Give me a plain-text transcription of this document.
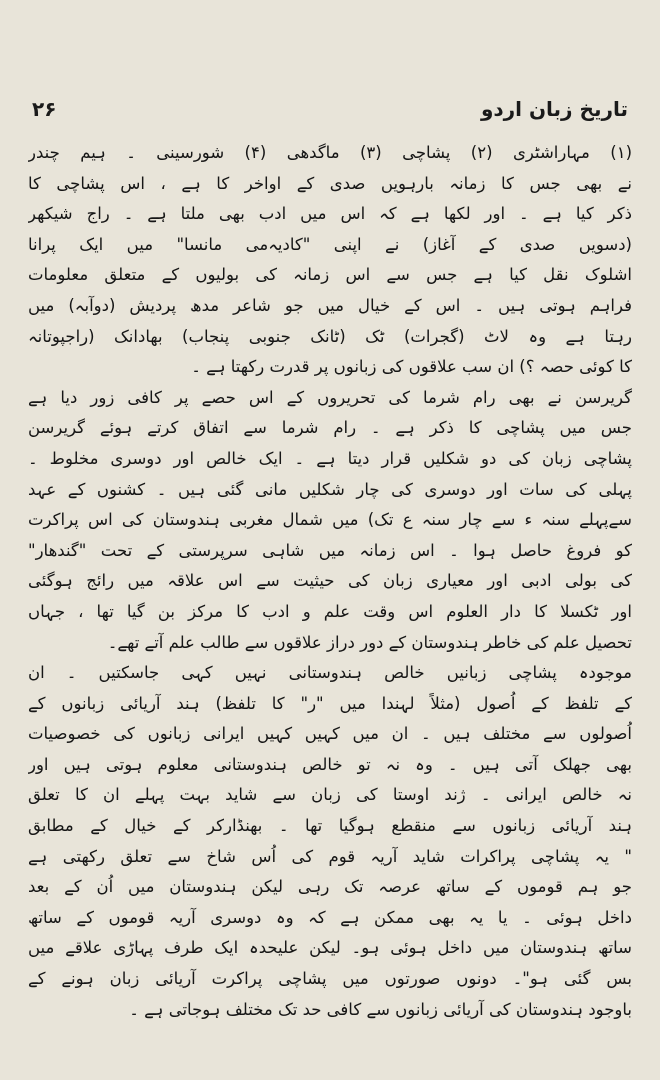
تاریخ زبان اردو
۲۶
(۱) مہاراشٹری (۲) پشاچی (۳) ماگدھی (۴) شورسینی ۔ ہیم چندر
نے بھی جس کا زمانہ بارہویں صدی کے اواخر کا ہے ، اس پشاچی کا
ذکر کیا ہے ۔ اور لکھا ہے کہ اس میں ادب بھی ملتا ہے ۔ راج شیکھر
(دسویں صدی کے آغاز) نے اپنی "کادیہ‌می مانسا" میں ایک پرانا
اشلوک نقل کیا ہے جس سے اس زمانہ کی بولیوں کے متعلق معلومات
فراہم ہوتی ہیں ۔ اس کے خیال میں جو شاعر مدھ پردیش (دوآبہ) میں
رہتا ہے وہ لاٹ (گجرات) ٹک (ٹانک جنوبی پنجاب) بھادانک (راجپوتانہ
کا کوئی حصہ ؟) ان سب علاقوں کی زبانوں پر قدرت رکھتا ہے ۔
گریرسن نے بھی رام شرما کی تحریروں کے اس حصے پر کافی زور دیا ہے
جس میں پشاچی کا ذکر ہے ۔ رام شرما سے اتفاق کرتے ہوئے گریرسن
پشاچی زبان کی دو شکلیں قرار دیتا ہے ۔ ایک خالص اور دوسری مخلوط ۔
پہلی کی سات اور دوسری کی چار شکلیں مانی گئی ہیں ۔ کشنوں کے عہد
سےپہلے سنہ ء سے چار سنہ ع تک) میں شمال مغربی ہندوستان کی اس پراکرت
کو فروغ حاصل ہوا ۔ اس زمانہ میں شاہی سرپرستی کے تحت "گندھار"
کی بولی ادبی اور معیاری زبان کی حیثیت سے اس علاقہ میں رائج ہوگئی
اور ٹکسلا کا دار العلوم اس وقت علم و ادب کا مرکز بن گیا تھا ، جہاں
تحصیل علم کی خاطر ہندوستان کے دور دراز علاقوں سے طالب علم آتے تھے۔
موجودہ پشاچی زبانیں خالص ہندوستانی نہیں کہی جاسکتیں ۔ ان
کے تلفظ کے اُصول (مثلاً لہندا میں "ر" کا تلفظ) ہند آریائی زبانوں کے
اُصولوں سے مختلف ہیں ۔ ان میں کہیں کہیں ایرانی زبانوں کی خصوصیات
بھی جھلک آتی ہیں ۔ وہ نہ تو خالص ہندوستانی معلوم ہوتی ہیں اور
نہ خالص ایرانی ۔ ژند اوستا کی زبان سے شاید بہت پہلے ان کا تعلق
ہند آریائی زبانوں سے منقطع ہوگیا تھا ۔ بھنڈارکر کے خیال کے مطابق
" یہ پشاچی پراکرات شاید آریہ قوم کی اُس شاخ سے تعلق رکھتی ہے
جو ہم قوموں کے ساتھ عرصہ تک رہی لیکن ہندوستان میں اُن کے بعد
داخل ہوئی ۔ یا یہ بھی ممکن ہے کہ وہ دوسری آریہ قوموں کے ساتھ
ساتھ ہندوستان میں داخل ہوئی ہو۔ لیکن علیحدہ ایک طرف پہاڑی علاقے میں
بس گئی ہو"۔ دونوں صورتوں میں پشاچی پراکرت آریائی زبان ہونے کے
باوجود ہندوستان کی آریائی زبانوں سے کافی حد تک مختلف ہوجاتی ہے ۔
